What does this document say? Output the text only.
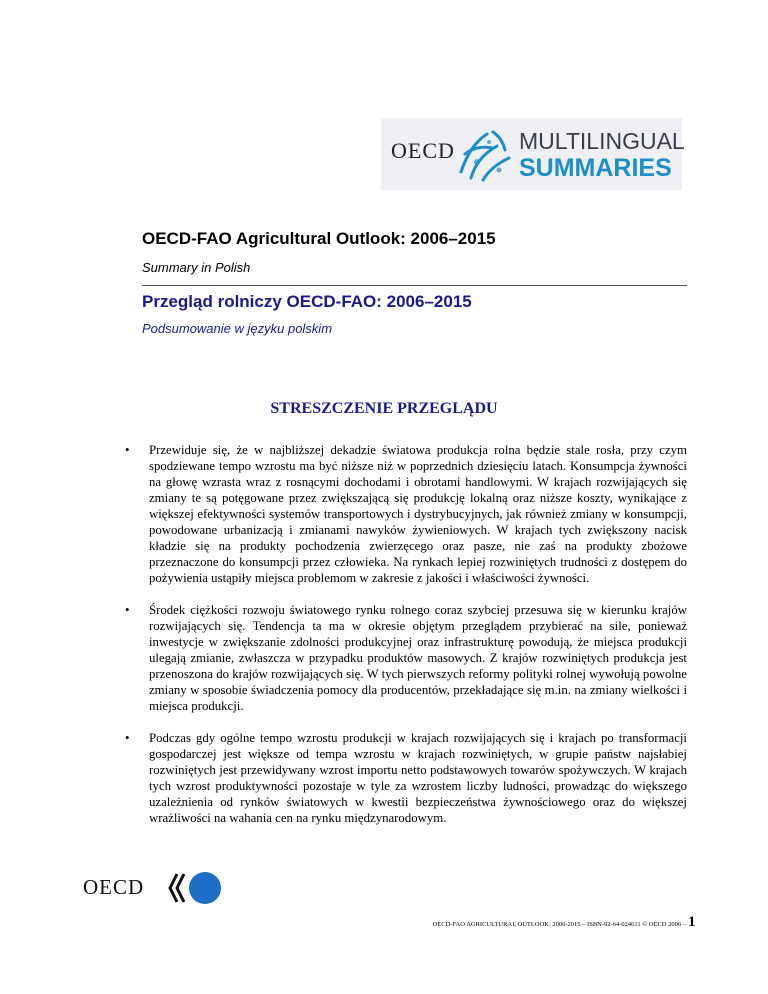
OECD	MULTILINGUAL
SUMMARIES
OECD-FAO Agricultural Outlook: 2006–2015
Summary in Polish
Przegląd rolniczy OECD-FAO: 2006–2015
Podsumowanie w języku polskim
STRESZCZENIE PRZEGLĄDU
• Przewiduje się, że w najbliższej dekadzie światowa produkcja rolna będzie stale rosła, przy czym spodziewane tempo wzrostu ma być niższe niż w poprzednich dziesięciu latach. Konsumpcja żywności na głowę wzrasta wraz z rosnącymi dochodami i obrotami handlowymi. W krajach rozwijających się zmiany te są potęgowane przez zwiększającą się produkcję lokalną oraz niższe koszty, wynikające z większej efektywności systemów transportowych i dystrybucyjnych, jak również zmiany w konsumpcji, powodowane urbanizacją i zmianami nawyków żywieniowych. W krajach tych zwiększony nacisk kładzie się na produkty pochodzenia zwierzęcego oraz pasze, nie zaś na produkty zbożowe przeznaczone do konsumpcji przez człowieka. Na rynkach lepiej rozwiniętych trudności z dostępem do pożywienia ustąpiły miejsca problemom w zakresie z jakości i właściwości żywności.

• Środek ciężkości rozwoju światowego rynku rolnego coraz szybciej przesuwa się w kierunku krajów rozwijających się. Tendencja ta ma w okresie objętym przeglądem przybierać na sile, ponieważ inwestycje w zwiększanie zdolności produkcyjnej oraz infrastrukturę powodują, że miejsca produkcji ulegają zmianie, zwłaszcza w przypadku produktów masowych. Z krajów rozwiniętych produkcja jest przenoszona do krajów rozwijających się. W tych pierwszych reformy polityki rolnej wywołują powolne zmiany w sposobie świadczenia pomocy dla producentów, przekładające się m.in. na zmiany wielkości i miejsca produkcji.

• Podczas gdy ogólne tempo wzrostu produkcji w krajach rozwijających się i krajach po transformacji gospodarczej jest większe od tempa wzrostu w krajach rozwiniętych, w grupie państw najsłabiej rozwiniętych jest przewidywany wzrost importu netto podstawowych towarów spożywczych. W krajach tych wzrost produktywności pozostaje w tyle za wzrostem liczby ludności, prowadząc do większego uzależnienia od rynków światowych w kwestii bezpieczeństwa żywnościowego oraz do większej wrażliwości na wahania cen na rynku międzynarodowym.

OECD
OECD-FAO AGRICULTURAL OUTLOOK: 2006-2015 – ISBN-92-64-024611 © OECD 2006 – 1
